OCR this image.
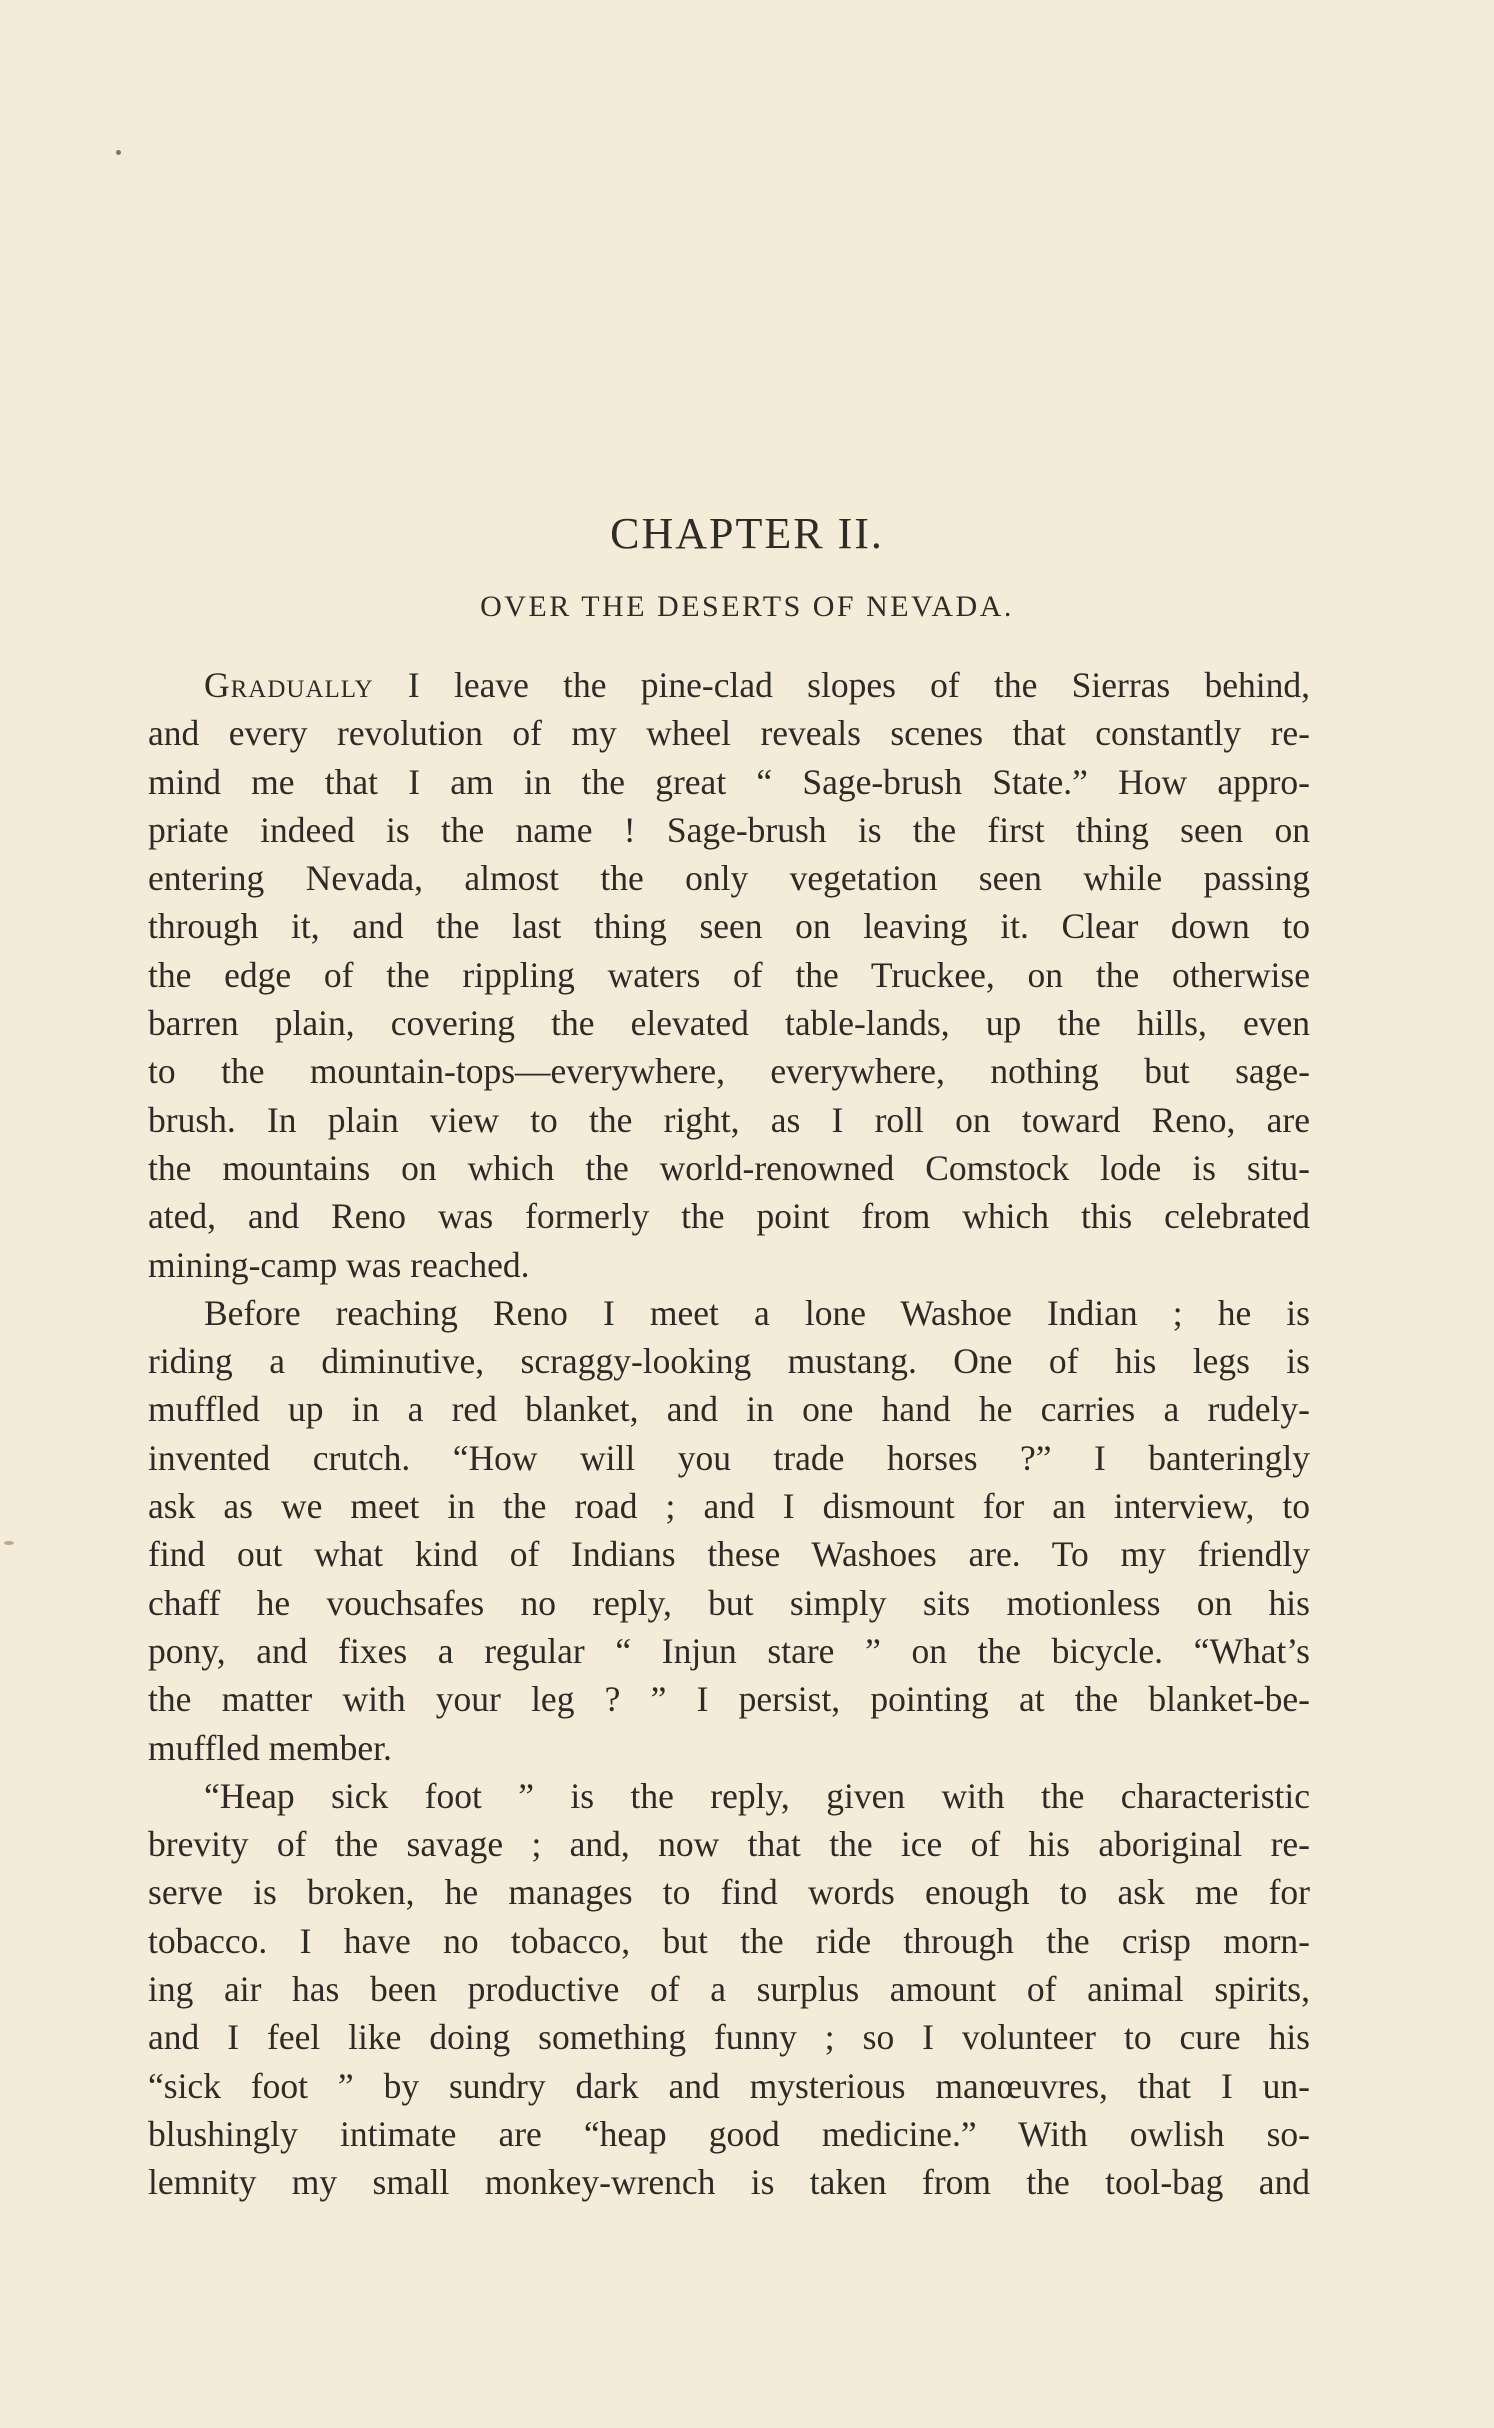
CHAPTER II.
OVER THE DESERTS OF NEVADA.
Gradually I leave the pine-clad slopes of the Sierras behind,
and every revolution of my wheel reveals scenes that constantly re-
mind me that I am in the great “ Sage-brush State.” How appro-
priate indeed is the name ! Sage-brush is the first thing seen on
entering Nevada, almost the only vegetation seen while passing
through it, and the last thing seen on leaving it. Clear down to
the edge of the rippling waters of the Truckee, on the otherwise
barren plain, covering the elevated table-lands, up the hills, even
to the mountain-tops—everywhere, everywhere, nothing but sage-
brush. In plain view to the right, as I roll on toward Reno, are
the mountains on which the world-renowned Comstock lode is situ-
ated, and Reno was formerly the point from which this celebrated
mining-camp was reached.
Before reaching Reno I meet a lone Washoe Indian ; he is
riding a diminutive, scraggy-looking mustang. One of his legs is
muffled up in a red blanket, and in one hand he carries a rudely-
invented crutch. “How will you trade horses ?” I banteringly
ask as we meet in the road ; and I dismount for an interview, to
find out what kind of Indians these Washoes are. To my friendly
chaff he vouchsafes no reply, but simply sits motionless on his
pony, and fixes a regular “ Injun stare ” on the bicycle. “What’s
the matter with your leg ? ” I persist, pointing at the blanket-be-
muffled member.
“Heap sick foot ” is the reply, given with the characteristic
brevity of the savage ; and, now that the ice of his aboriginal re-
serve is broken, he manages to find words enough to ask me for
tobacco. I have no tobacco, but the ride through the crisp morn-
ing air has been productive of a surplus amount of animal spirits,
and I feel like doing something funny ; so I volunteer to cure his
“sick foot ” by sundry dark and mysterious manœuvres, that I un-
blushingly intimate are “heap good medicine.” With owlish so-
lemnity my small monkey-wrench is taken from the tool-bag and
